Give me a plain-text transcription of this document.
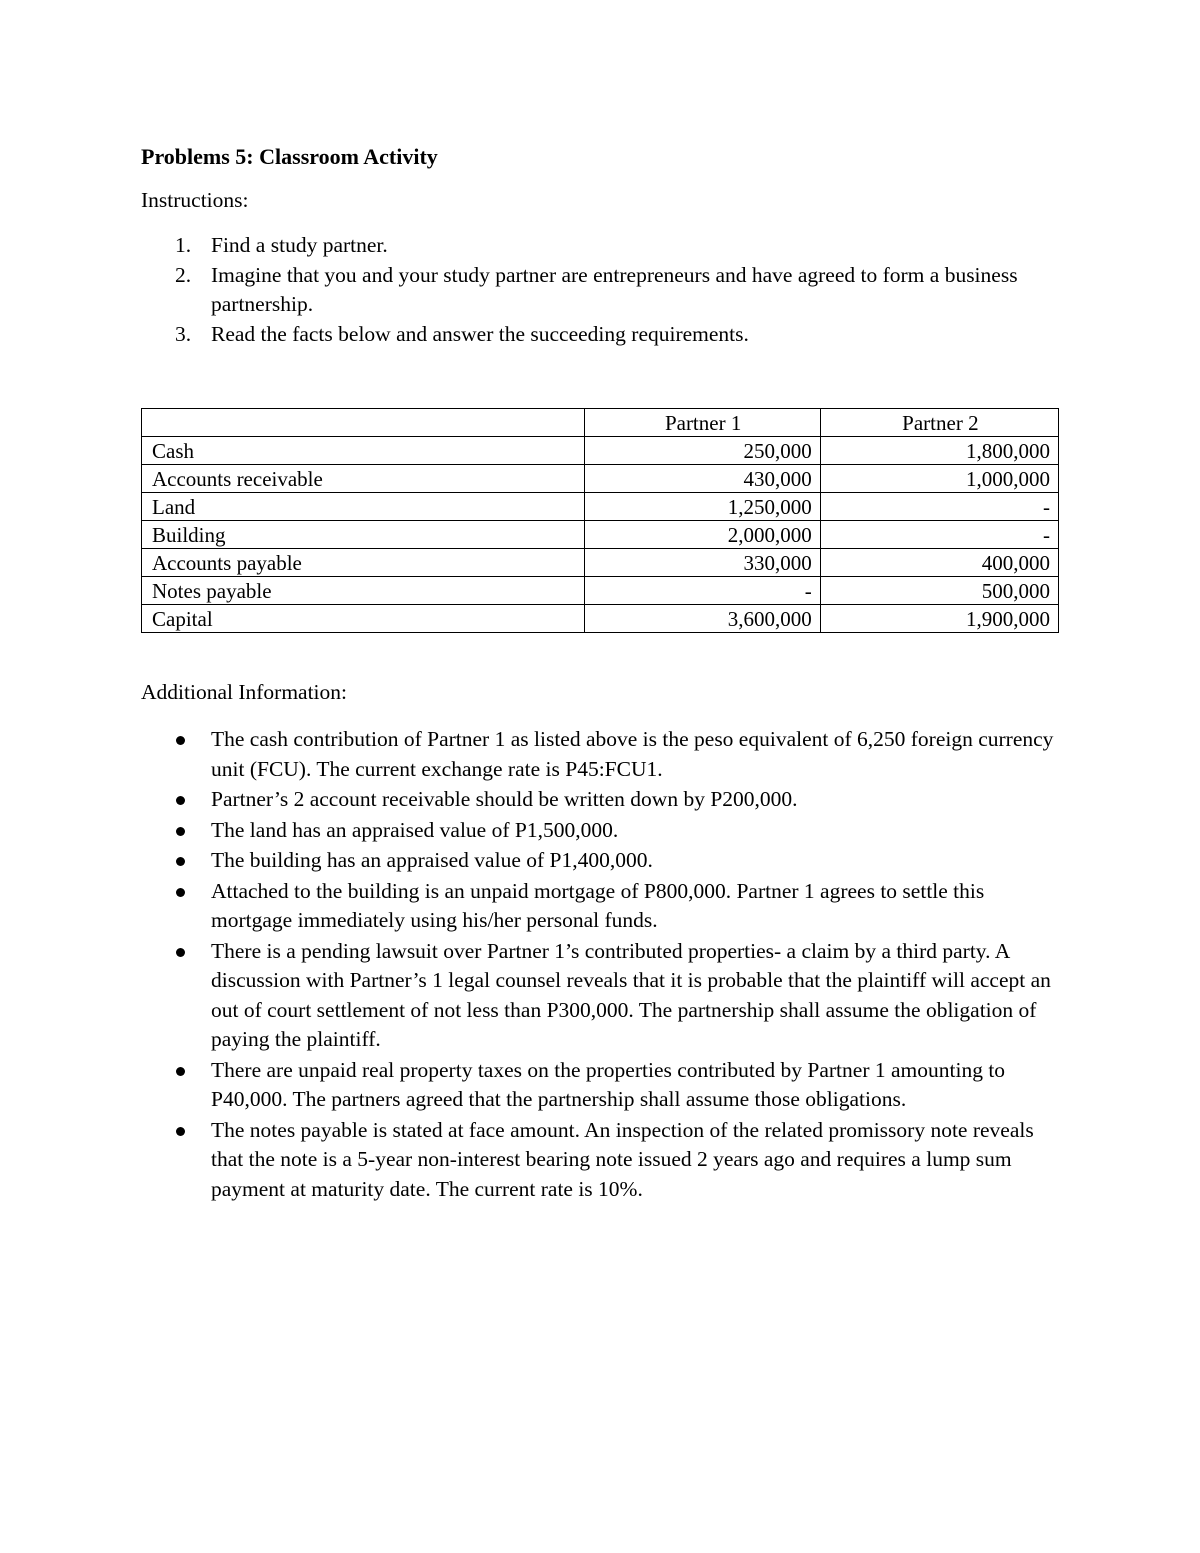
Problems 5: Classroom Activity
Instructions:
1. Find a study partner.
2. Imagine that you and your study partner are entrepreneurs and have agreed to form a business partnership.
3. Read the facts below and answer the succeeding requirements.
	Partner 1	Partner 2
Cash	250,000	1,800,000
Accounts receivable	430,000	1,000,000
Land	1,250,000	-
Building	2,000,000	-
Accounts payable	330,000	400,000
Notes payable	-	500,000
Capital	3,600,000	1,900,000
Additional Information:
The cash contribution of Partner 1 as listed above is the peso equivalent of 6,250 foreign currency unit (FCU). The current exchange rate is P45:FCU1.
Partner’s 2 account receivable should be written down by P200,000.
The land has an appraised value of P1,500,000.
The building has an appraised value of P1,400,000.
Attached to the building is an unpaid mortgage of P800,000. Partner 1 agrees to settle this mortgage immediately using his/her personal funds.
There is a pending lawsuit over Partner 1’s contributed properties- a claim by a third party. A discussion with Partner’s 1 legal counsel reveals that it is probable that the plaintiff will accept an out of court settlement of not less than P300,000. The partnership shall assume the obligation of paying the plaintiff.
There are unpaid real property taxes on the properties contributed by Partner 1 amounting to P40,000. The partners agreed that the partnership shall assume those obligations.
The notes payable is stated at face amount. An inspection of the related promissory note reveals that the note is a 5-year non-interest bearing note issued 2 years ago and requires a lump sum payment at maturity date. The current rate is 10%.
